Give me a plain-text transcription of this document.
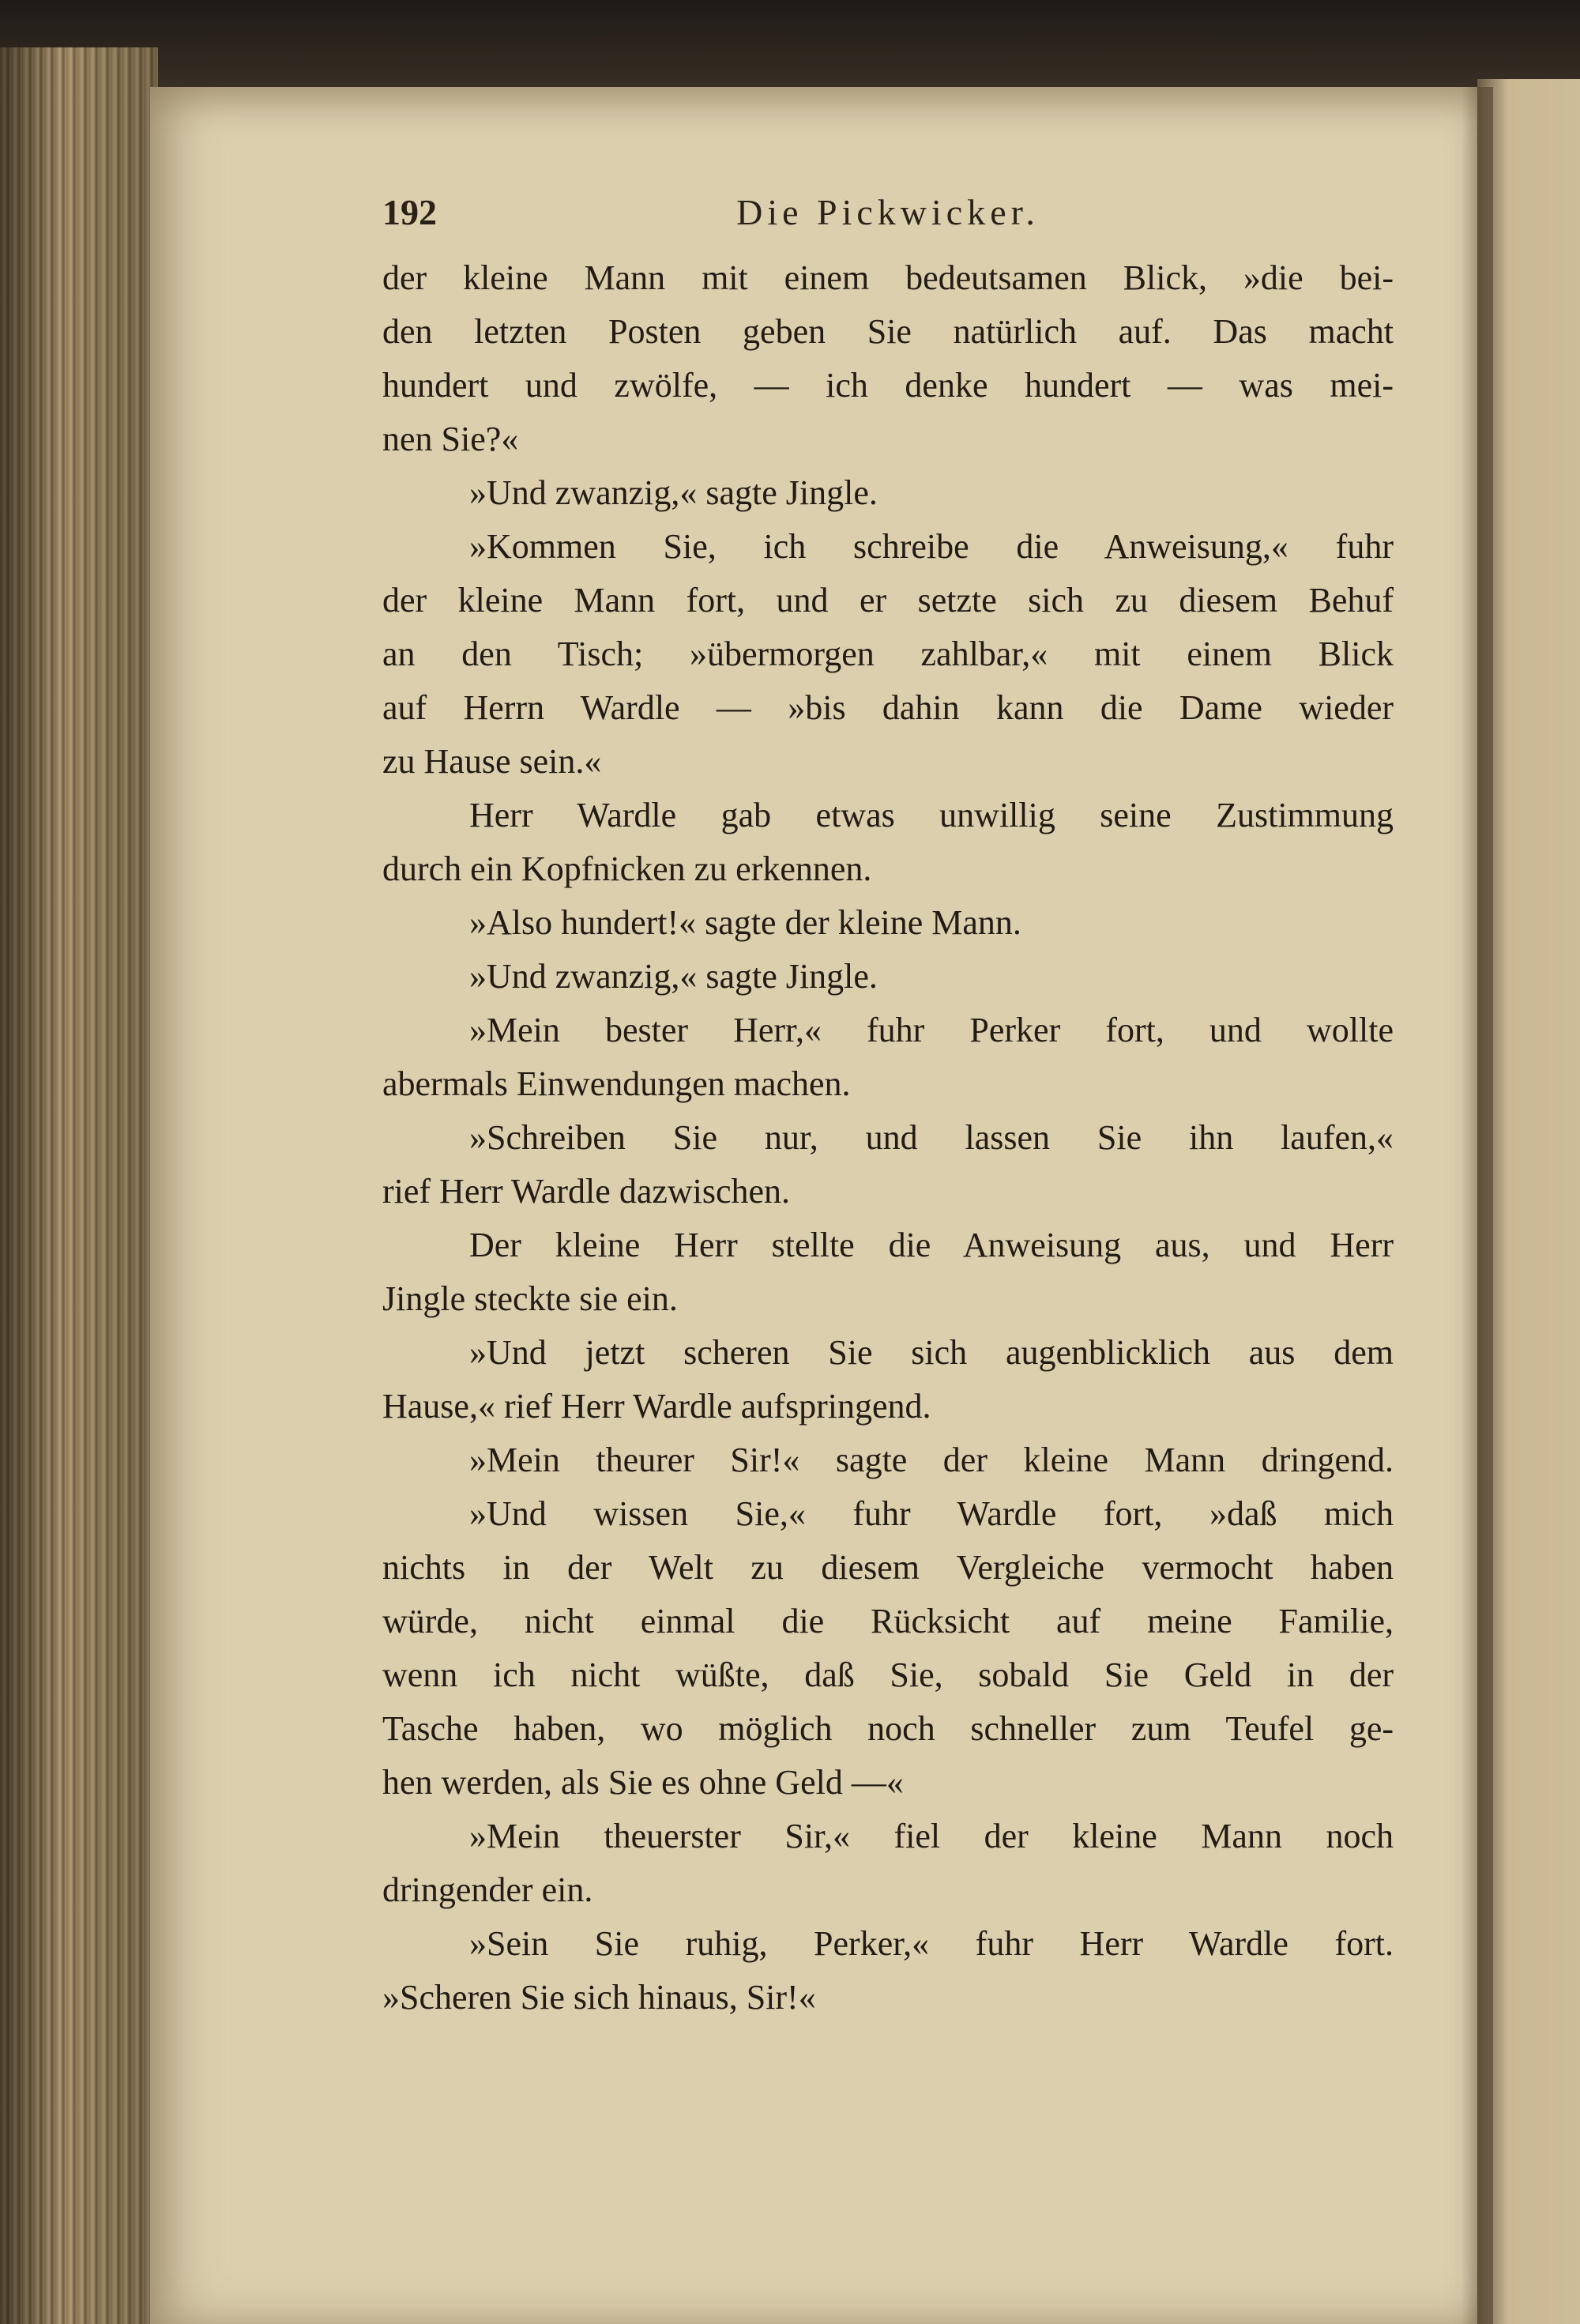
192	Die Pickwicker.
der kleine Mann mit einem bedeutsamen Blick, »die bei-
den letzten Posten geben Sie natürlich auf. Das macht
hundert und zwölfe, — ich denke hundert — was mei-
nen Sie?«
»Und zwanzig,« sagte Jingle.
»Kommen Sie, ich schreibe die Anweisung,« fuhr
der kleine Mann fort, und er setzte sich zu diesem Behuf
an den Tisch; »übermorgen zahlbar,« mit einem Blick
auf Herrn Wardle — »bis dahin kann die Dame wieder
zu Hause sein.«
Herr Wardle gab etwas unwillig seine Zustimmung
durch ein Kopfnicken zu erkennen.
»Also hundert!« sagte der kleine Mann.
»Und zwanzig,« sagte Jingle.
»Mein bester Herr,« fuhr Perker fort, und wollte
abermals Einwendungen machen.
»Schreiben Sie nur, und lassen Sie ihn laufen,«
rief Herr Wardle dazwischen.
Der kleine Herr stellte die Anweisung aus, und Herr
Jingle steckte sie ein.
»Und jetzt scheren Sie sich augenblicklich aus dem
Hause,« rief Herr Wardle aufspringend.
»Mein theurer Sir!« sagte der kleine Mann dringend.
»Und wissen Sie,« fuhr Wardle fort, »daß mich
nichts in der Welt zu diesem Vergleiche vermocht haben
würde, nicht einmal die Rücksicht auf meine Familie,
wenn ich nicht wüßte, daß Sie, sobald Sie Geld in der
Tasche haben, wo möglich noch schneller zum Teufel ge-
hen werden, als Sie es ohne Geld —«
»Mein theuerster Sir,« fiel der kleine Mann noch
dringender ein.
»Sein Sie ruhig, Perker,« fuhr Herr Wardle fort.
»Scheren Sie sich hinaus, Sir!«
